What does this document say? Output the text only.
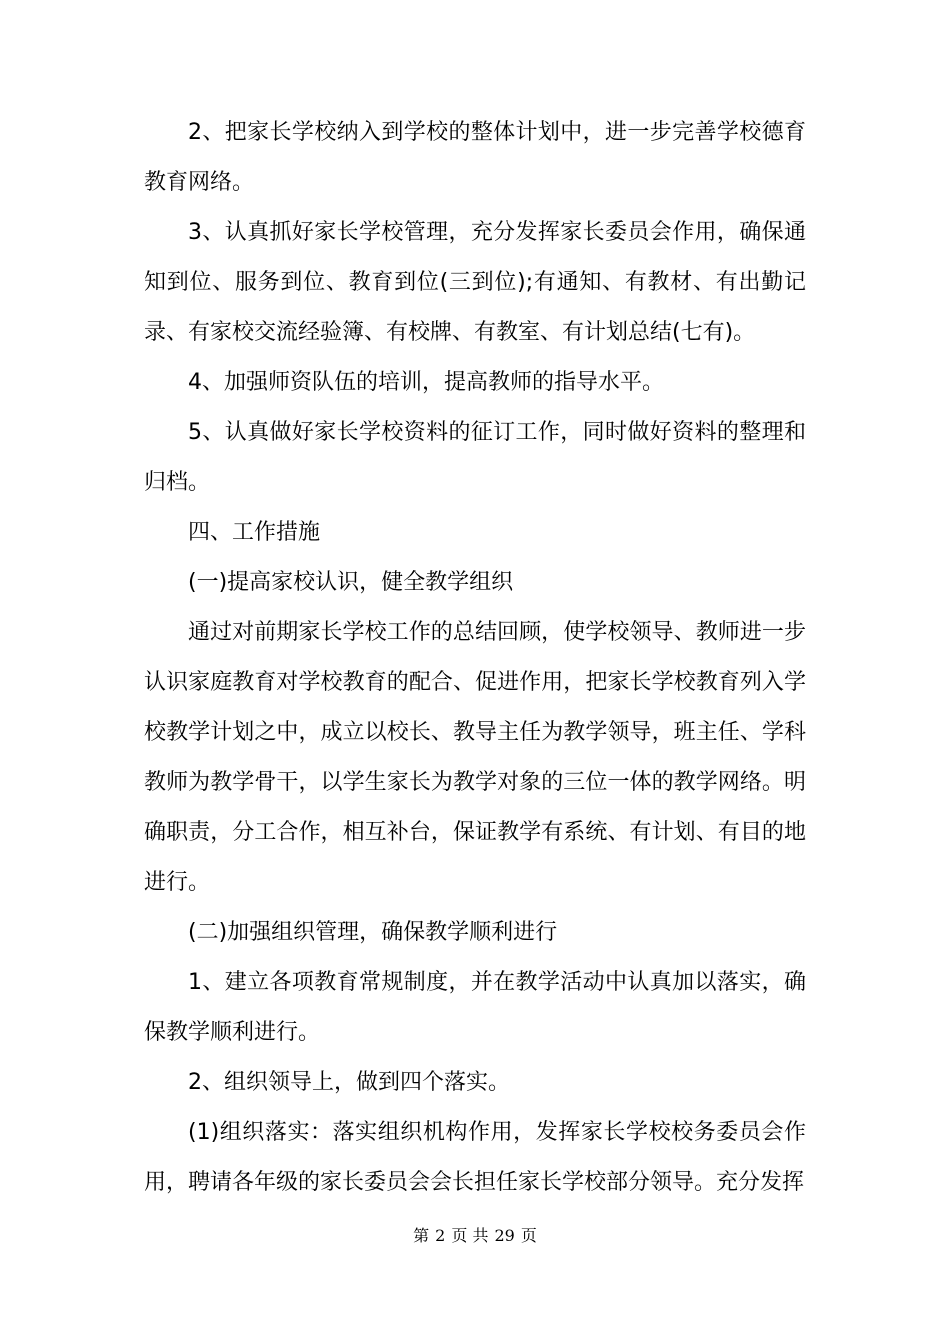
2、把家长学校纳入到学校的整体计划中，进一步完善学校德育教育网络。

3、认真抓好家长学校管理，充分发挥家长委员会作用，确保通知到位、服务到位、教育到位(三到位);有通知、有教材、有出勤记录、有家校交流经验簿、有校牌、有教室、有计划总结(七有)。

4、加强师资队伍的培训，提高教师的指导水平。

5、认真做好家长学校资料的征订工作，同时做好资料的整理和归档。

四、工作措施

(一)提高家校认识，健全教学组织

通过对前期家长学校工作的总结回顾，使学校领导、教师进一步认识家庭教育对学校教育的配合、促进作用，把家长学校教育列入学校教学计划之中，成立以校长、教导主任为教学领导，班主任、学科教师为教学骨干，以学生家长为教学对象的三位一体的教学网络。明确职责，分工合作，相互补台，保证教学有系统、有计划、有目的地进行。

(二)加强组织管理，确保教学顺利进行

1、建立各项教育常规制度，并在教学活动中认真加以落实，确保教学顺利进行。

2、组织领导上，做到四个落实。

(1)组织落实：落实组织机构作用，发挥家长学校校务委员会作用，聘请各年级的家长委员会会长担任家长学校部分领导。充分发挥

第 2 页 共 29 页
